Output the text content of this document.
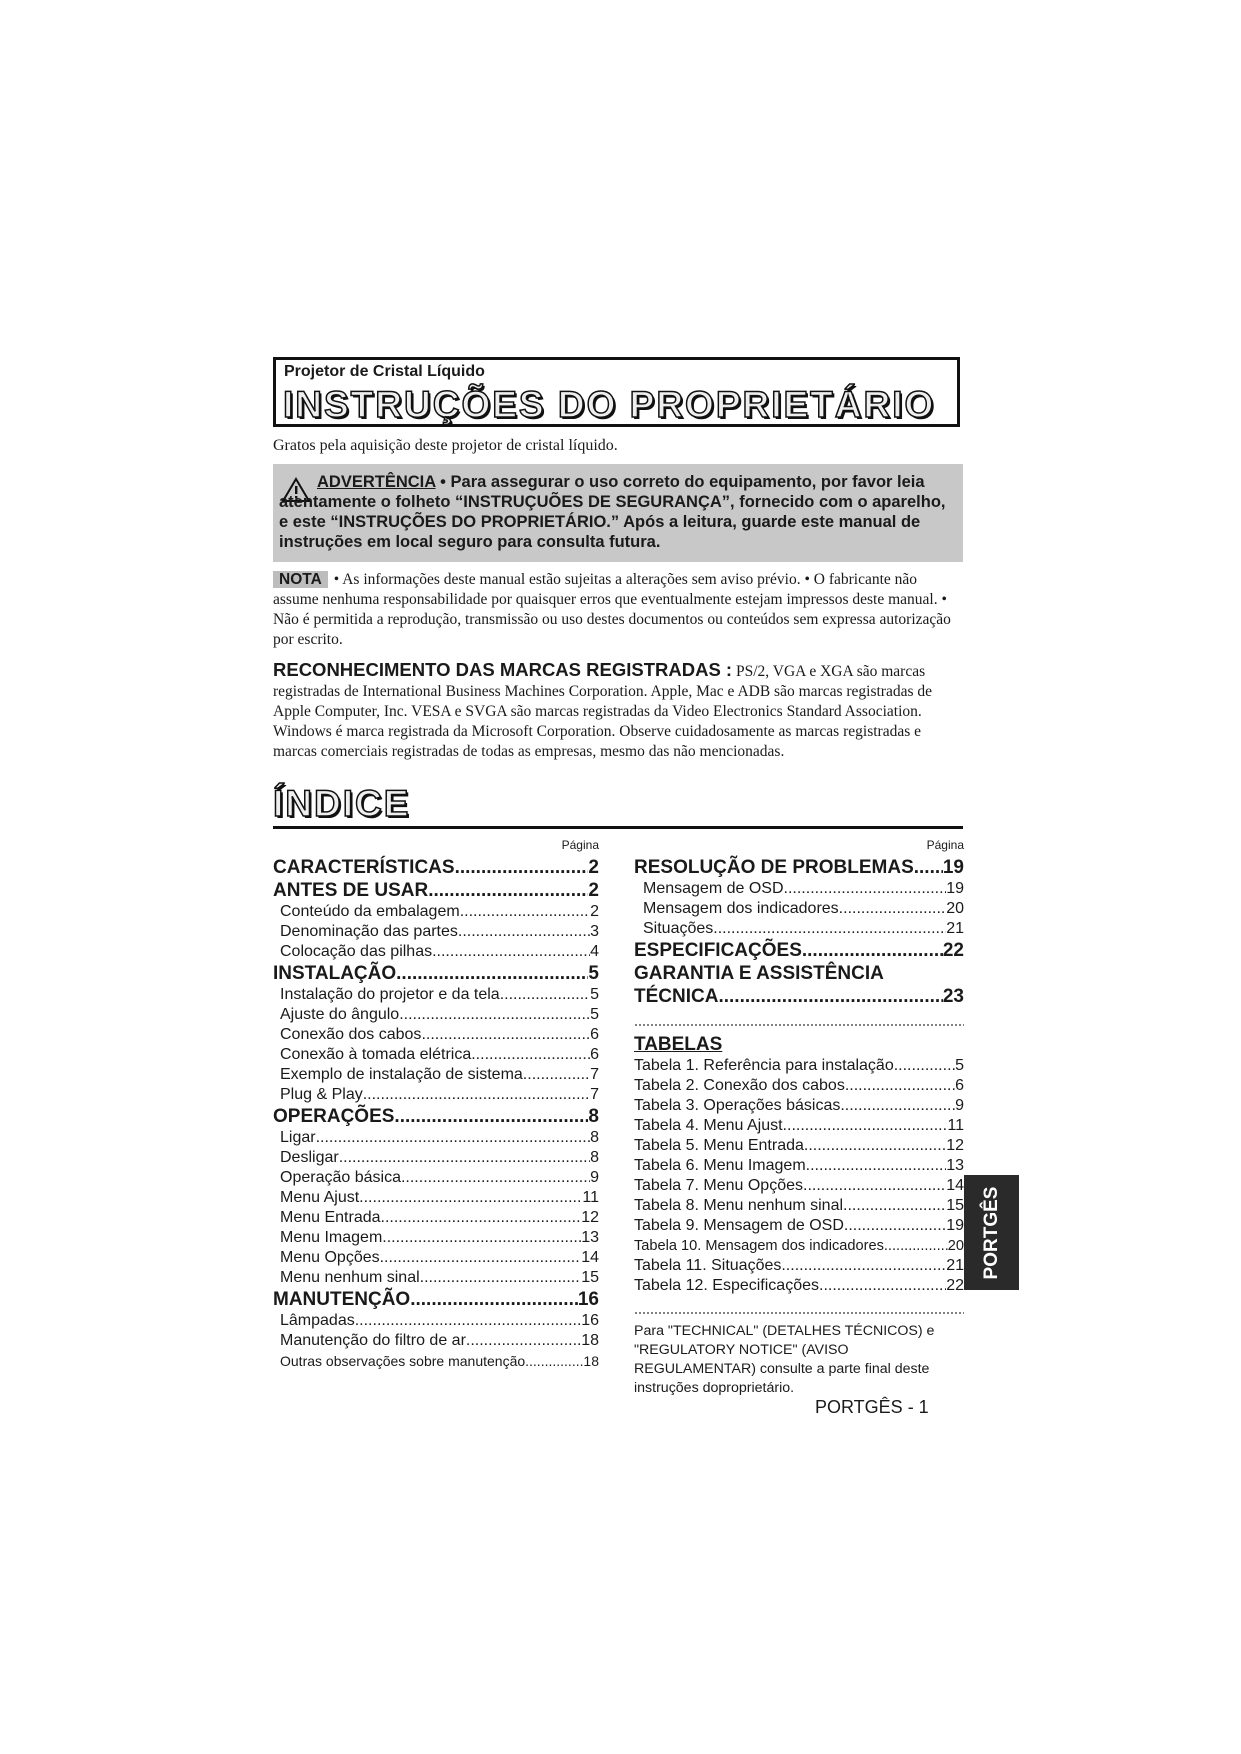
Projetor de Cristal Líquido
INSTRUÇÕES DO PROPRIETÁRIO
Gratos pela aquisição deste projetor de cristal líquido.
ADVERTÊNCIA • Para assegurar o uso correto do equipamento, por favor leia atentamente o folheto “INSTRUÇUÕES DE SEGURANÇA”, fornecido com o aparelho, e este “INSTRUÇÕES DO PROPRIETÁRIO.” Após a leitura, guarde este manual de instruções em local seguro para consulta futura.
NOTA • As informações deste manual estão sujeitas a alterações sem aviso prévio. • O fabricante não assume nenhuma responsabilidade por quaisquer erros que eventualmente estejam impressos deste manual. • Não é permitida a reprodução, transmissão ou uso destes documentos ou conteúdos sem expressa autorização por escrito.
RECONHECIMENTO DAS MARCAS REGISTRADAS : PS/2, VGA e XGA são marcas registradas de International Business Machines Corporation. Apple, Mac e ADB são marcas registradas de Apple Computer, Inc. VESA e SVGA são marcas registradas da Video Electronics Standard Association. Windows é marca registrada da Microsoft Corporation. Observe cuidadosamente as marcas registradas e marcas comerciais registradas de todas as empresas, mesmo das não mencionadas.
ÍNDICE
Página
CARACTERÍSTICAS .....	2
ANTES DE USAR .....	2
Conteúdo da embalagem .....	2
Denominação das partes .....	3
Colocação das pilhas .....	4
INSTALAÇÃO .....	5
Instalação do projetor e da tela .....	5
Ajuste do ângulo .....	5
Conexão dos cabos .....	6
Conexão à tomada elétrica .....	6
Exemplo de instalação de sistema .....	7
Plug & Play .....	7
OPERAÇÕES .....	8
Ligar .....	8
Desligar .....	8
Operação básica .....	9
Menu Ajust .....	11
Menu Entrada .....	12
Menu Imagem .....	13
Menu Opções .....	14
Menu nenhum sinal .....	15
MANUTENÇÃO .....	16
Lâmpadas .....	16
Manutenção do filtro de ar .....	18
Outras observações sobre manutenção .....	18
Página
RESOLUÇÃO DE PROBLEMAS ..... 19
Mensagem de OSD .....	19
Mensagem dos indicadores .....	20
Situações .....	21
ESPECIFICAÇÕES .....	22
GARANTIA E ASSISTÊNCIA
TÉCNICA .....	23
TABELAS
Tabela 1. Referência para instalação .....	5
Tabela 2. Conexão dos cabos .....	6
Tabela 3. Operações básicas .....	9
Tabela 4. Menu Ajust .....	11
Tabela 5. Menu Entrada .....	12
Tabela 6. Menu Imagem .....	13
Tabela 7. Menu Opções .....	14
Tabela 8. Menu nenhum sinal .....	15
Tabela 9. Mensagem de OSD .....	19
Tabela 10. Mensagem dos indicadores .....	20
Tabela 11. Situações .....	21
Tabela 12. Especificações .....	22
Para "TECHNICAL" (DETALHES TÉCNICOS) e "REGULATORY NOTICE" (AVISO REGULAMENTAR) consulte a parte final deste instruções doproprietário.
PORTGÊS - 1
PORTGÊS
